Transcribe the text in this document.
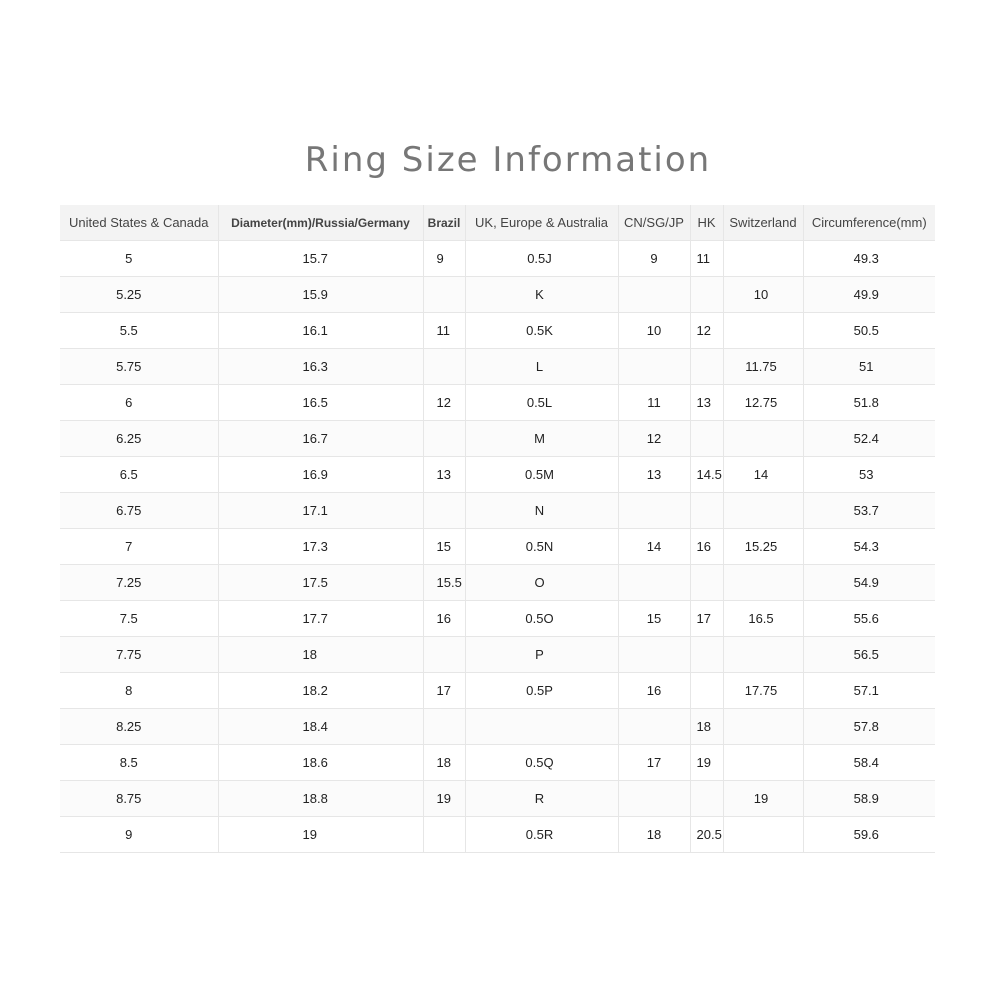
Ring Size Information
United States & Canada	Diameter(mm)/Russia/Germany	Brazil	UK, Europe & Australia	CN/SG/JP	HK	Switzerland	Circumference(mm)
5	15.7	9	0.5J	9	11		49.3
5.25	15.9		K			10	49.9
5.5	16.1	11	0.5K	10	12		50.5
5.75	16.3		L			11.75	51
6	16.5	12	0.5L	11	13	12.75	51.8
6.25	16.7		M	12			52.4
6.5	16.9	13	0.5M	13	14.5	14	53
6.75	17.1		N				53.7
7	17.3	15	0.5N	14	16	15.25	54.3
7.25	17.5	15.5	O				54.9
7.5	17.7	16	0.5O	15	17	16.5	55.6
7.75	18		P				56.5
8	18.2	17	0.5P	16		17.75	57.1
8.25	18.4				18		57.8
8.5	18.6	18	0.5Q	17	19		58.4
8.75	18.8	19	R			19	58.9
9	19		0.5R	18	20.5		59.6
